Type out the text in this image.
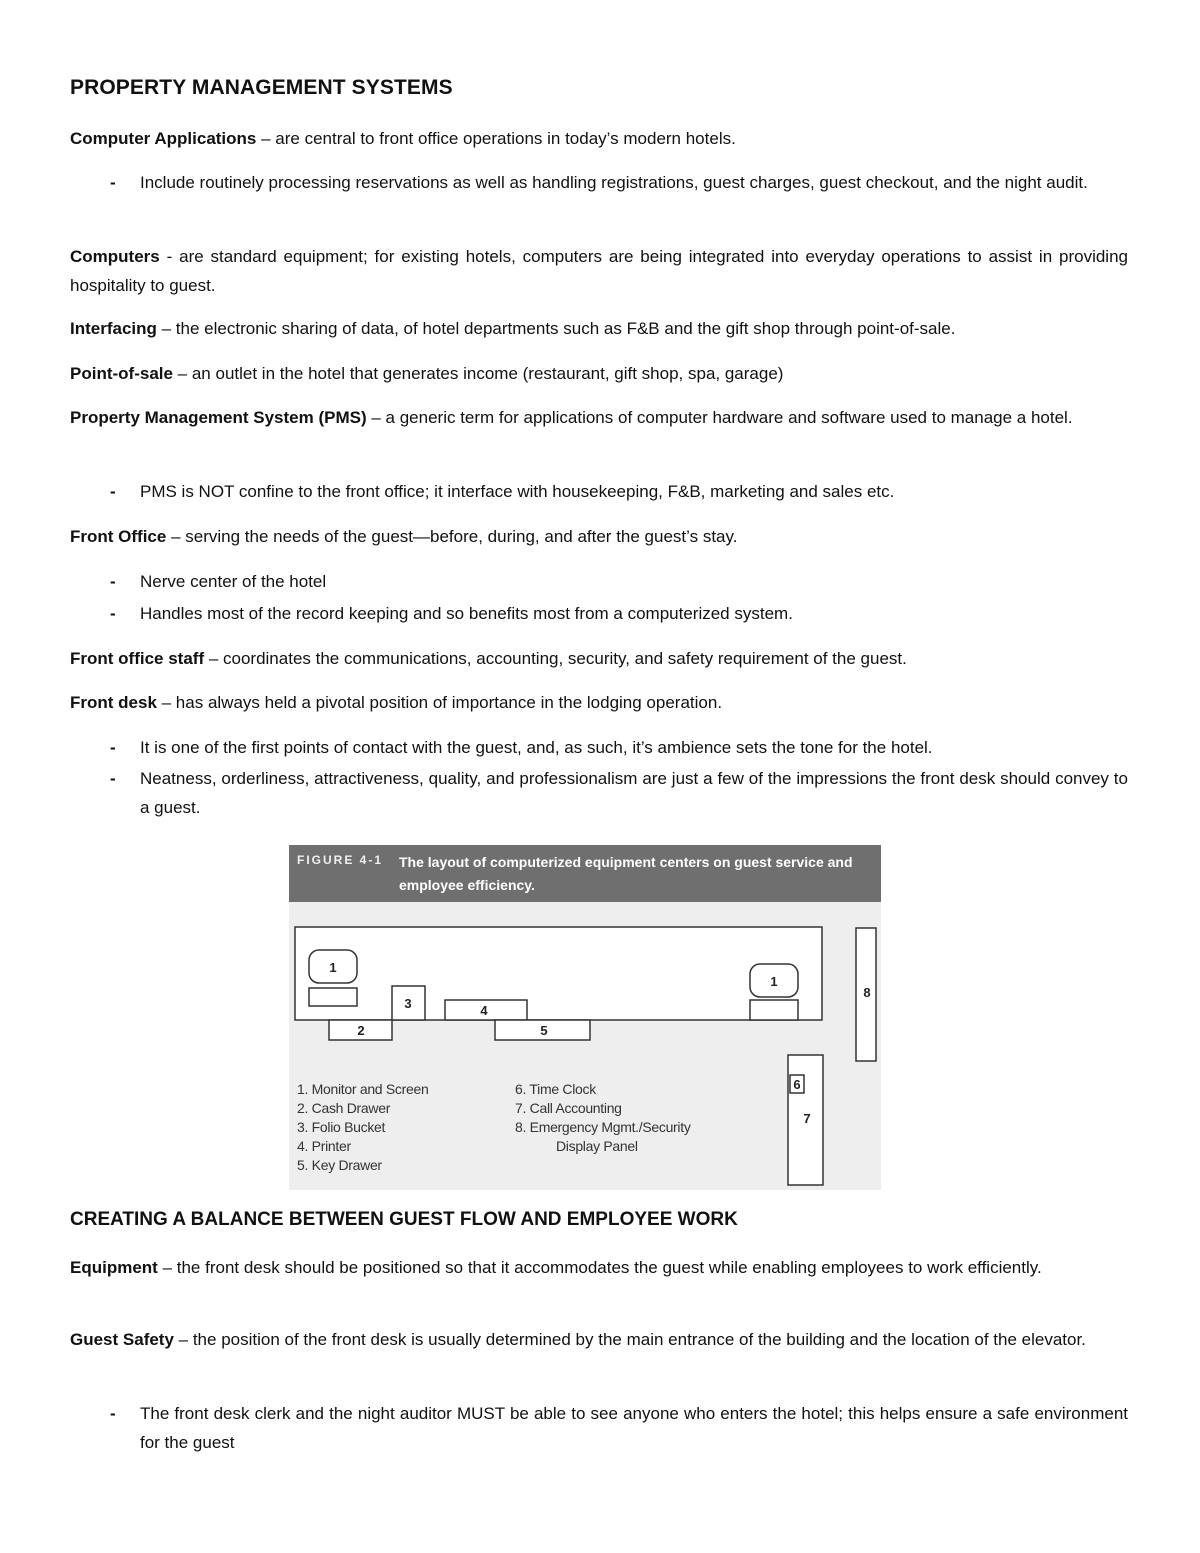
PROPERTY MANAGEMENT SYSTEMS

Computer Applications – are central to front office operations in today’s modern hotels.

- Include routinely processing reservations as well as handling registrations, guest charges, guest checkout, and the night audit.

Computers - are standard equipment; for existing hotels, computers are being integrated into everyday operations to assist in providing hospitality to guest.

Interfacing – the electronic sharing of data, of hotel departments such as F&B and the gift shop through point-of-sale.

Point-of-sale – an outlet in the hotel that generates income (restaurant, gift shop, spa, garage)

Property Management System (PMS) – a generic term for applications of computer hardware and software used to manage a hotel.

- PMS is NOT confine to the front office; it interface with housekeeping, F&B, marketing and sales etc.

Front Office – serving the needs of the guest—before, during, and after the guest’s stay.

- Nerve center of the hotel

- Handles most of the record keeping and so benefits most from a computerized system.

Front office staff – coordinates the communications, accounting, security, and safety requirement of the guest.

Front desk – has always held a pivotal position of importance in the lodging operation.

- It is one of the first points of contact with the guest, and, as such, it’s ambience sets the tone for the hotel.

- Neatness, orderliness, attractiveness, quality, and professionalism are just a few of the impressions the front desk should convey to a guest.

FIGURE 4-1 The layout of computerized equipment centers on guest service and employee efficiency.
1
1
2
3	4
5
6
7
8
1. Monitor and Screen
2. Cash Drawer
3. Folio Bucket
4. Printer
5. Key Drawer
6. Time Clock
7. Call Accounting
8. Emergency Mgmt./Security
Display Panel
CREATING A BALANCE BETWEEN GUEST FLOW AND EMPLOYEE WORK

Equipment – the front desk should be positioned so that it accommodates the guest while enabling employees to work efficiently.

Guest Safety – the position of the front desk is usually determined by the main entrance of the building and the location of the elevator.

- The front desk clerk and the night auditor MUST be able to see anyone who enters the hotel; this helps ensure a safe environment for the guest
